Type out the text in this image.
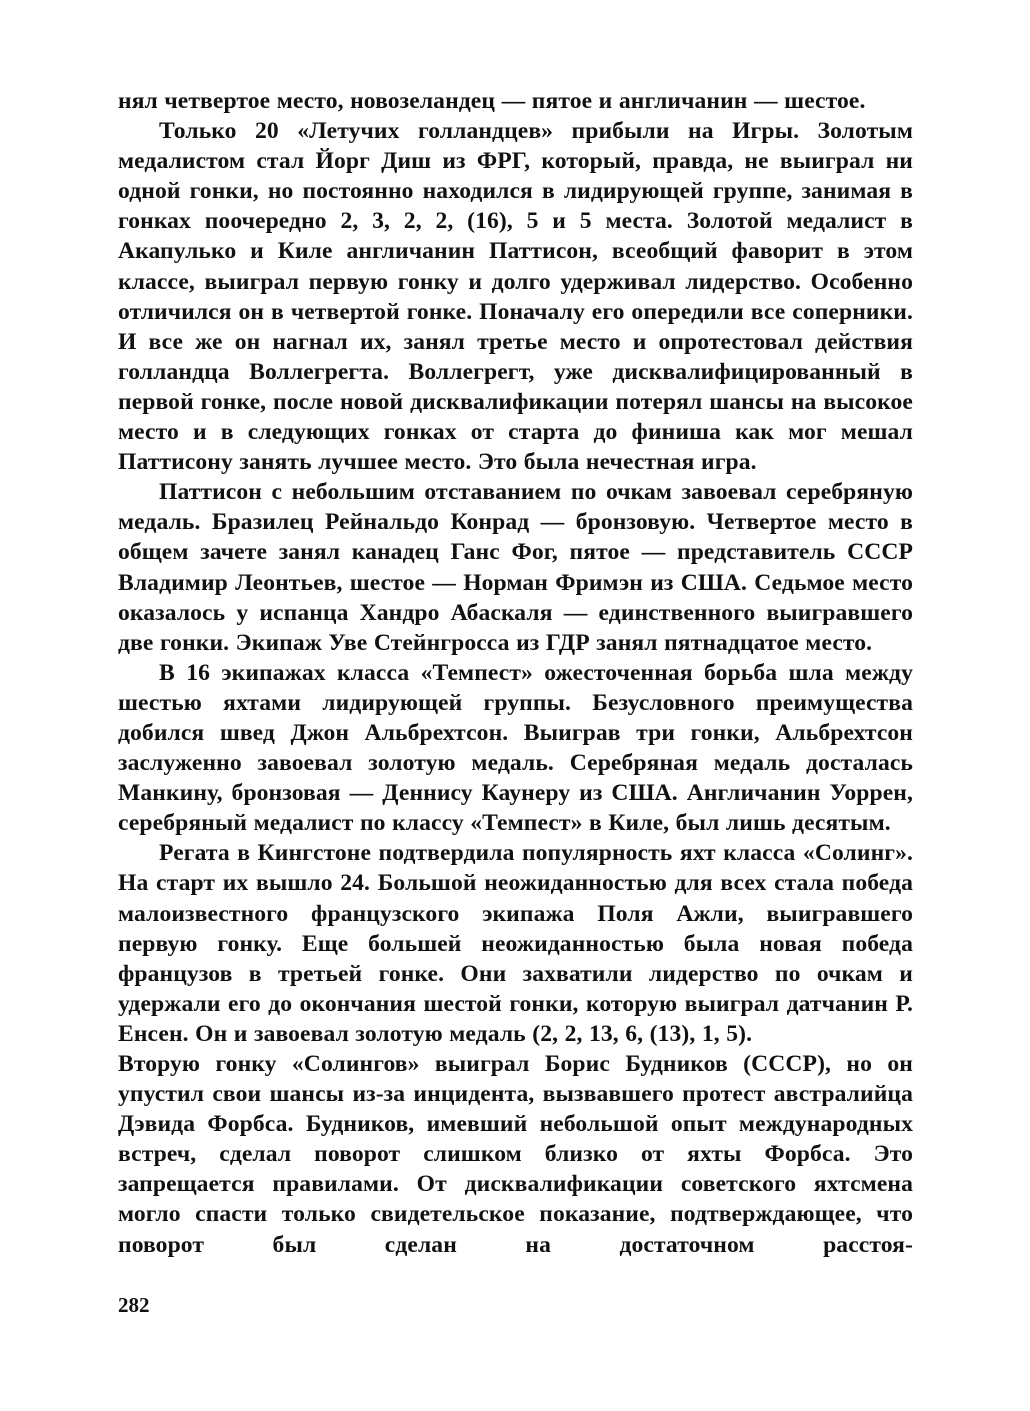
нял четвертое место, новозеландец — пятое и англичанин — шестое.

Только 20 «Летучих голландцев» прибыли на Игры. Золотым медалистом стал Йорг Диш из ФРГ, который, правда, не выиграл ни одной гонки, но постоянно находился в лидирующей группе, занимая в гонках поочередно 2, 3, 2, 2, (16), 5 и 5 места. Золотой медалист в Акапулько и Киле англичанин Паттисон, всеобщий фаворит в этом классе, выиграл первую гонку и долго удерживал лидерство. Особенно отличился он в четвертой гонке. Поначалу его опередили все соперники. И все же он нагнал их, занял третье место и опротестовал действия голландца Воллегрегта. Воллегрегт, уже дисквалифицированный в первой гонке, после новой дисквалификации потерял шансы на высокое место и в следующих гонках от старта до финиша как мог мешал Паттисону занять лучшее место. Это была нечестная игра.

Паттисон с небольшим отставанием по очкам завоевал серебряную медаль. Бразилец Рейнальдо Конрад — бронзовую. Четвертое место в общем зачете занял канадец Ганс Фог, пятое — представитель СССР Владимир Леонтьев, шестое — Норман Фримэн из США. Седьмое место оказалось у испанца Хандро Абаскаля — единственного выигравшего две гонки. Экипаж Уве Стейнгросса из ГДР занял пятнадцатое место.

В 16 экипажах класса «Темпест» ожесточенная борьба шла между шестью яхтами лидирующей группы. Безусловного преимущества добился швед Джон Альбрехтсон. Выиграв три гонки, Альбрехтсон заслуженно завоевал золотую медаль. Серебряная медаль досталась Манкину, бронзовая — Деннису Каунеру из США. Англичанин Уоррен, серебряный медалист по классу «Темпест» в Киле, был лишь десятым.

Регата в Кингстоне подтвердила популярность яхт класса «Солинг». На старт их вышло 24. Большой неожиданностью для всех стала победа малоизвестного французского экипажа Поля Ажли, выигравшего первую гонку. Еще большей неожиданностью была новая победа французов в третьей гонке. Они захватили лидерство по очкам и удержали его до окончания шестой гонки, которую выиграл датчанин Р. Енсен. Он и завоевал золотую медаль (2, 2, 13, 6, (13), 1, 5).

Вторую гонку «Солингов» выиграл Борис Будников (СССР), но он упустил свои шансы из-за инцидента, вызвавшего протест австралийца Дэвида Форбса. Будников, имевший небольшой опыт международных встреч, сделал поворот слишком близко от яхты Форбса. Это запрещается правилами. От дисквалификации советского яхтсмена могло спасти только свидетельское показание, подтверждающее, что поворот был сделан на достаточном расстоя-

282
